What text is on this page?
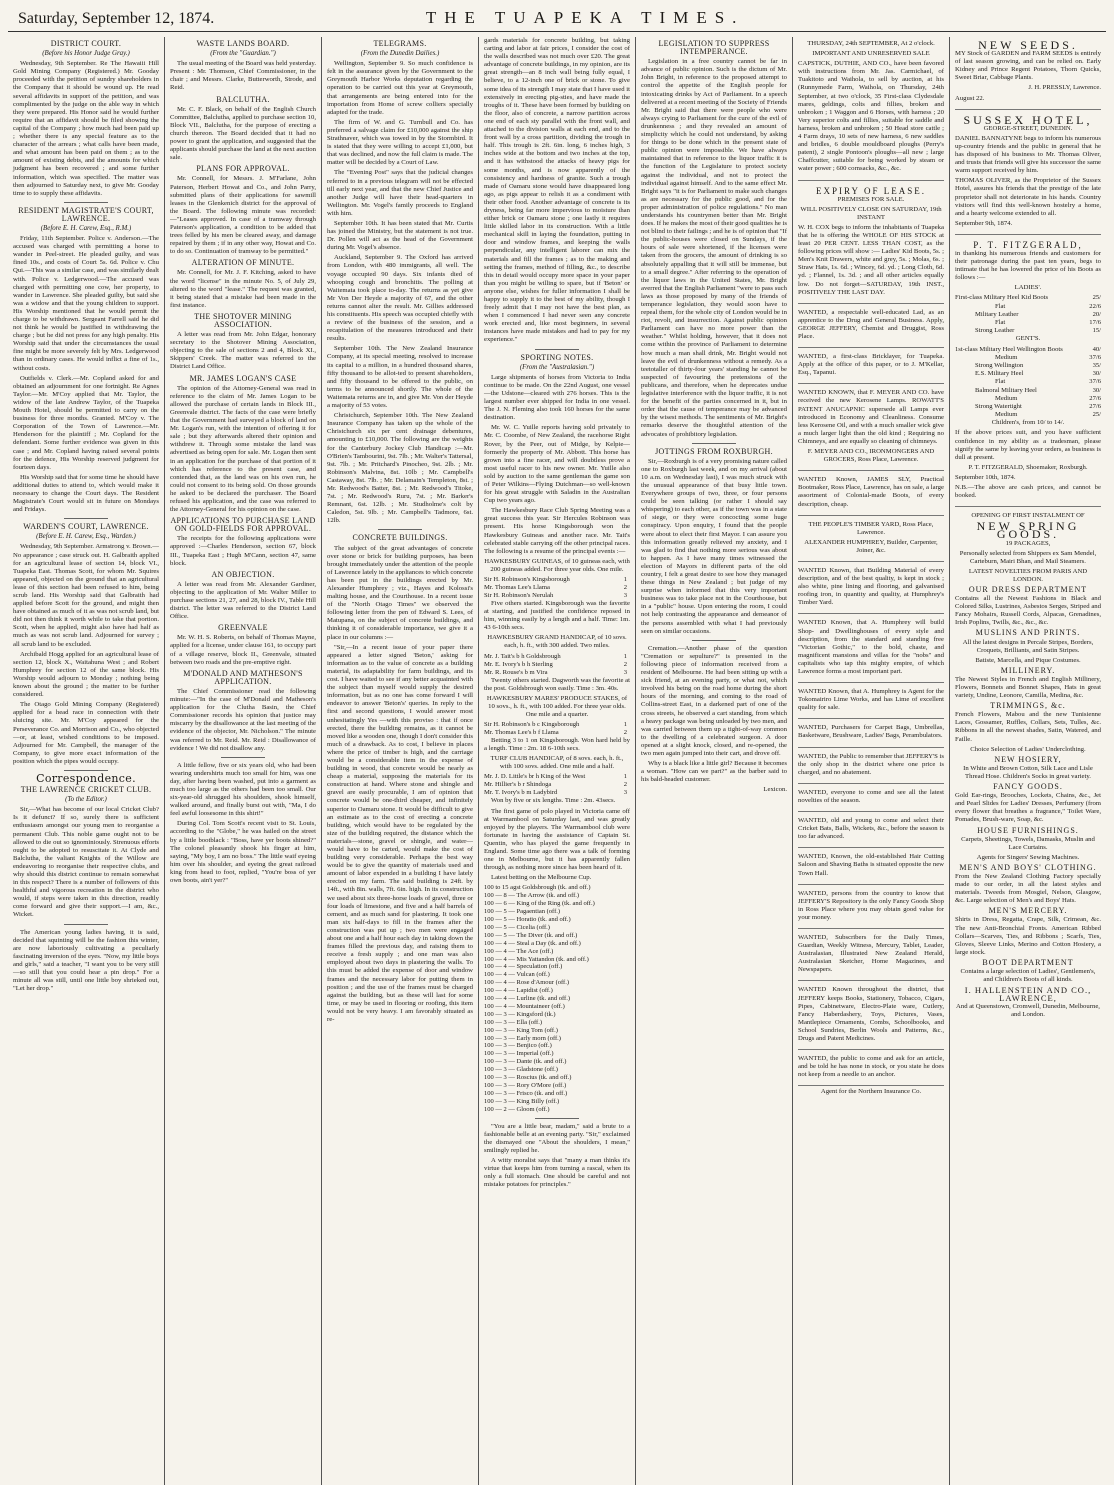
Saturday, September 12, 1874.	THE TUAPEKA TIMES.
DISTRICT COURT.
(Before his Honor Judge Gray.)

Wednesday, 9th September. Re The Hawaiii Hill Gold Mining Company (Registered.) Mr. Gooday proceeded with the petition of sundry shareholders in the Company that it should be wound up. He read several affidavits in support of the petition, and was complimented by the judge on the able way in which they were prepared. His Honor said he would further require that an affidavit should be filed showing the capital of the Company ; how much had been paid up ; whether there is any special feature as to the character of the arrears ; what calls have been made, and what amount has been paid on them ; as to the amount of existing debts, and the amounts for which judgment has been recovered ; and some further information, which was specified. The matter was then adjourned to Saturday next, to give Mr. Gooday time to to supply these affidavits.

RESIDENT MAGISTRATE'S COURT, LAWRENCE.
(Before E. H. Carew, Esq., R.M.)

Friday, 11th September. Police v. Anderson.—The accused was charged with permitting a horse to wander in Peel-street. He pleaded guilty, and was fined 10s., and costs of Court 5s. 6d. Police v. Chu Qui.—This was a similar case, and was similarly dealt with. Police v. Ledgerwood.—The accused was charged with permitting one cow, her property, to wander in Lawrence. She pleaded guilty, but said she was a widow and that the young children to support. His Worship mentioned that he would permit the charge to be withdrawn. Sergeant Farrell said he did not think he would be justified in withdrawing the charge ; but he did not press for any high penalty. His Worship said that under the circumstances the usual fine might be more severely felt by Mrs. Ledgerwood than in ordinary cases. He would inflict a fine of 1s., without costs.

Outfields v. Clerk.—Mr. Copland asked for and obtained an adjournment for one fortnight. Re Agnes Taylor.—Mr. M'Coy applied that Mr. Taylor, the widow of the late Andrew Taylor, of the Tuapeka Mouth Hotel, should be permitted to carry on the business for three months. Granted. M'Coy v. The Corporation of the Town of Lawrence.—Mr. Henderson for the plaintiff ; Mr. Copland for the defendant. Some further evidence was given in this case ; and Mr. Copland having raised several points for the defence, His Worship reserved judgment for fourteen days.

His Worship said that for some time he should have additional duties to attend to, which would make it necessary to change the Court days. The Resident Magistrate's Court would sit in future on Mondays and Fridays.

WARDEN'S COURT, LAWRENCE.
(Before E. H. Carew, Esq., Warden.)

Wednesday, 9th September. Armstrong v. Brown.—No appearance ; case struck out. H. Galbraith applied for an agricultural lease of section 14, block VI., Tuapeka East. Thomas Scott, for whom Mr. Squires appeared, objected on the ground that an agricultural lease of this section had been refused to him, being scrub land. His Worship said that Galbraith had applied before Scott for the ground, and might then have obtained as much of it as was not scrub land, but did not then think it worth while to take that portion. Scott, when he applied, might also have had half as much as was not scrub land. Adjourned for survey ; all scrub land to be excluded.

Archibald Hogg applied for an agricultural lease of section 12, block X., Waitahuna West ; and Robert Humphrey for section 12 of the same block. His Worship would adjourn to Monday ; nothing being known about the ground ; the matter to be further considered.

The Otago Gold Mining Company (Registered) applied for a head race in connection with their sluicing site. Mr. M'Coy appeared for the Perseverance Co. and Morrison and Co., who objected—or, at least, wished conditions to be imposed. Adjourned for Mr. Campbell, the manager of the Company, to give more exact information of the position which the pipes would occupy.

Correspondence.
THE LAWRENCE CRICKET CLUB.
(To the Editor.)

Sir,—What has become of our local Cricket Club? Is it defunct? If so, surely there is sufficient enthusiasm amongst our young men to reorganise a permanent Club. This noble game ought not to be allowed to die out so ignominiously. Strenuous efforts ought to be adopted to resuscitate it. At Clyde and Balclutha, the valiant Knights of the Willow are endeavoring to reorganise their respective clubs, and why should this district continue to remain somewhat in this respect? There is a number of followers of this healthful and vigorous recreation in the district who would, if steps were taken in this direction, readily come forward and give their support.—I am, &c., Wicket.

The American young ladies having, it is said, decided that squinting will be the fashion this winter, are now laboriously cultivating a peculiarly fascinating inversion of the eyes. "Now, my little boys and girls," said a teacher, "I want you to be very still—so still that you could hear a pin drop." For a minute all was still, until one little boy shrieked out, "Let her drop."

WASTE LANDS BOARD.
(From the "Guardian.")

The usual meeting of the Board was held yesterday. Present : Mr. Thomson, Chief Commissioner, in the chair ; and Messrs. Clarke, Butterworth, Strode, and Reid.

BALCLUTHA.

Mr. C. F. Black, on behalf of the English Church Committee, Balclutha, applied to purchase section 10, Block VII., Balclutha, for the purpose of erecting a church thereon. The Board decided that it had no power to grant the application, and suggested that the applicants should purchase the land at the next auction sale.

PLANS FOR APPROVAL.

Mr. Connell, for Messrs. J. M'Farlane, John Paterson, Herbert Howat and Co., and John Parry, submitted plans of their applications for sawmill leases in the Glenkenich district for the approval of the Board. The following minute was recorded:—"Leases approved. In case of a tramway through Paterson's application, a condition to be added that trees felled by his men be cleared away, and damage repaired by them ; if in any other way, Howat and Co. to do so. Continuation of tramway to be permitted."

ALTERATION OF MINUTE.

Mr. Connell, for Mr. J. F. Kitching, asked to have the word "license" in the minute No. 5, of July 29, altered to the word "lease." The request was granted, it being stated that a mistake had been made in the first instance.

THE SHOTOVER MINING ASSOCIATION.

A letter was read from Mr. John Edgar, honorary secretary to the Shotover Mining Association, objecting to the sale of sections 2 and 4, Block XI., Skippers' Creek. The matter was referred to the District Land Office.

MR. JAMES LOGAN'S CASE

The opinion of the Attorney-General was read in reference to the claim of Mr. James Logan to be allowed the purchase of certain lands in Block III., Greenvale district. The facts of the case were briefly that the Government had surveyed a block of land on Mr. Logan's run, with the intention of offering it for sale ; but they afterwards altered their opinion and withdrew it. Through some mistake the land was advertised as being open for sale. Mr. Logan then sent in an application for the purchase of that portion of it which has reference to the present case, and contended that, as the land was on his own run, he could not consent to its being sold. On those grounds he asked to be declared the purchaser. The Board refused his application, and the case was referred to the Attorney-General for his opinion on the case.

APPLICATIONS TO PURCHASE LAND ON GOLD-FIELDS FOR APPROVAL.

The receipts for the following applications were approved :—Charles Henderson, section 67, block III., Tuapeka East ; Hugh M'Cann, section 47, same block.

AN OBJECTION.

A letter was read from Mr. Alexander Gardiner, objecting to the application of Mr. Walter Miller to purchase sections 21, 27, and 28, block IV., Table Hill district. The letter was referred to the District Land Office.

GREENVALE

Mr. W. H. S. Roberts, on behalf of Thomas Mayne, applied for a license, under clause 161, to occupy part of a village reserve, block II., Greenvale, situated between two roads and the pre-emptive right.

M'DONALD AND MATHESON'S APPLICATION.

The Chief Commissioner read the following minute:—"In the case of M'Donald and Matheson's application for the Clutha Basin, the Chief Commissioner records his opinion that justice may miscarry by the disallowance at the last meeting of the evidence of the objector, Mr. Nicholson." The minute was referred to Mr. Reid. Mr. Reid : Disallowance of evidence ! We did not disallow any.

A little fellow, five or six years old, who had been wearing undershirts much too small for him, was one day, after having been washed, put into a garment as much too large as the others had been too small. Our six-year-old shrugged his shoulders, shook himself, walked around, and finally burst out with, "Ma, I do feel awful loosesome in this shirt!"

During Col. Tom Scott's recent visit to St. Louis, according to the "Globe," he was hailed on the street by a little bootblack : "Boss, have yer boots shined?" The colonel pleasantly shook his finger at him, saying, "My boy, I am no boss." The little waif eyeing him over his shoulder, and eyeing the great railroad king from head to foot, replied, "You're boss of yer own boots, ain't yer?"

TELEGRAMS.
(From the Dunedin Dailies.)

Wellington, September 9. So much confidence is felt in the assurance given by the Government to the Greymouth Harbor Works deputation regarding the operation to be carried out this year at Greymouth, that arrangements are being entered into for the importation from Home of screw colliers specially adapted for the trade.

The firm of W. and G. Turnbull and Co. has preferred a salvage claim for £10,000 against the ship Strathnaver, which was towed in by the Stormbird. It is stated that they were willing to accept £1,000, but that was declined, and now the full claim is made. The matter will be decided by a Court of Law.

The "Evening Post" says that the judicial changes referred to in a previous telegram will not be effected till early next year, and that the new Chief Justice and another Judge will have their head-quarters in Wellington. Mr. Vogel's family proceeds to England with him.

September 10th. It has been stated that Mr. Curtis has joined the Ministry, but the statement is not true. Dr. Pollen will act as the head of the Government during Mr. Vogel's absence.

Auckland, September 9. The Oxford has arrived from London, with 480 immigrants, all well. The voyage occupied 90 days. Six infants died of whooping cough and bronchitis. The polling at Waitemata took place to-day. The returns as yet give Mr Von Der Heyde a majority of 67, and the other returns cannot alter the result. Mr. Gillies addressed his constituents. His speech was occupied chiefly with a review of the business of the session, and a recapitulation of the measures introduced and their results.

September 10th. The New Zealand Insurance Company, at its special meeting, resolved to increase its capital to a million, in a hundred thousand shares, fifty thousand to be allot-ted to present shareholders, and fifty thousand to be offered to the public, on terms to be announced shortly. The whole of the Waitemata returns are in, and give Mr. Von der Heyde a majority of 53 votes.

Christchurch, September 10th. The New Zealand Insurance Company has taken up the whole of the Christchurch six per cent drainage debentures, amounting to £10,000. The following are the weights for the Canterbury Jockey Club Handicap :—Mr. O'Brien's Tambourini, 9st. 7lb. ; Mr. Walter's Tattersal, 9st. 7lb. ; Mr. Pritchard's Pinocheo, 9st. 2lb. ; Mr. Robinson's Malvina, 8st. 10lb ; Mr. Campbell's Castaway, 8st. 7lb. ; Mr. Delamain's Templeton, 8st. ; Mr. Redwood's Batter, 8st. ; Mr. Redwood's Titoke, 7st. ; Mr. Redwood's Ruru, 7st. ; Mr. Barker's Remnant, 6st. 12lb. ; Mr. Studholme's colt by Caledon, 5st. 9lb. ; Mr. Campbell's Tadmore, 6st. 12lb.

CONCRETE BUILDINGS.

The subject of the great advantages of concrete over stone or brick for building purposes, has been brought immediately under the attention of the people of Lawrence lately in the appliances to which concrete has been put in the buildings erected by Mr. Alexander Humphrey ; viz., Hayes and Kolossi's malting house, and the Courthouse. In a recent issue of the "North Otago Times" we observed the following letter from the pen of Edward S. Lees, of Matupana, on the subject of concrete buildings, and thinking it of considerable importance, we give it a place in our columns :—

"Sir,—In a recent issue of your paper there appeared a letter signed 'Beton,' asking for information as to the value of concrete as a building material, its adaptability for farm buildings, and its cost. I have waited to see if any better acquainted with the subject than myself would supply the desired information, but as no one has come forward I will endeavor to answer 'Beton's' queries. In reply to the first and second questions, I would answer most unhesitatingly Yes —with this proviso : that if once erected, there the building remains, as it cannot be moved like a wooden one, though I don't consider this much of a drawback. As to cost, I believe in places where the price of timber is high, and the carriage would be a considerable item in the expense of building in wood, that concrete would be nearly as cheap a material, supposing the materials for its construction at hand. Where stone and shingle and gravel are easily procurable, I am of opinion that concrete would be one-third cheaper, and infinitely superior to Oamaru stone. It would be difficult to give an estimate as to the cost of erecting a concrete building, which would have to be regulated by the size of the building required, the distance which the materials—stone, gravel or shingle, and water—would have to be carted, would make the cost of building very considerable. Perhaps the best way would be to give the quantity of materials used and amount of labor expended in a building I have lately erected on my farm. The said building is 24ft. by 14ft., with 8in. walls, 7ft. 6in. high. In its construction we used about six three-horse loads of gravel, three or four loads of limestone, and five and a half barrels of cement, and as much sand for plastering. It took one man six half-days to fill in the frames after the construction was put up ; two men were engaged about one and a half hour each day in taking down the frames filled the previous day, and raising them to receive a fresh supply ; and one man was also employed about two days in plastering the walls. To this must be added the expense of door and window frames and the necessary labor for putting them in position ; and the use of the frames must be charged against the building, but as these will last for some time, or may be used in flooring or roofing, this item would not be very heavy. I am favorably situated as re-

gards materials for concrete building, but taking carting and labor at fair prices, I consider the cost of the walls described was not much over £20. The great advantage of concrete buildings, in my opinion, are its great strength—an 8 inch wall being fully equal, I believe, to a 12-inch one of brick or stone. To give some idea of its strength I may state that I have used it extensively in erecting pig-sties, and have made the troughs of it. These have been formed by building on the floor, also of concrete, a narrow partition across one end of each sty parallel with the front wall, and attached to the division walls at each end, and to the front wall by a cross partition, dividing the trough in half. This trough is 2ft. 6in. long, 6 inches high, 3 inches wide at the bottom and two inches at the top, and it has withstood the attacks of heavy pigs for some months, and is now apparently of the consistency and hardness of granite. Such a trough made of Oamaru stone would have disappeared long ago, as pigs appear to relish it as a condiment with their other food. Another advantage of concrete is its dryness, being far more impervious to moisture than either brick or Oamaru stone ; one lastly it requires little skilled labor in its construction. With a little mechanical skill in laying the foundation, putting in door and window frames, and keeping the walls perpendicular, any intelligent laborer can mix the materials and fill the frames ; as to the making and setting the frames, method of filling, &c., to describe this in detail would occupy more space in your paper than you might be willing to spare, but if 'Beton' or anyone else, wishes for fuller information I shall be happy to supply it to the best of my ability, though I freely admit that I may not have the best plan, as when I commenced I had never seen any concrete work erected and, like most beginners, in several instances have made mistakes and had to pay for my experience."

SPORTING NOTES.
(From the "Australasian.")

Large shipments of horses from Victoria to India continue to be made. On the 22nd August, one vessel—the Udstone—cleared with 276 horses. This is the largest number ever shipped for India in one vessel. The J. N. Fleming also took 160 horses for the same destination.

Mr. W. C. Yuille reports having sold privately to Mr. C. Coombe, of New Zealand, the racehorse Right Rover, by the Peer, out of Midge, by Kelpie—formerly the property of Mr. Abbott. This horse has grown into a fine racer, and will doubtless prove a most useful racer to his new owner. Mr. Yuille also sold by auction to the same gentleman the game son of Peter Wilkins—Flying Dutchman—so well-known for his great struggle with Saladin in the Australian Cup two years ago.

The Hawkesbury Race Club Spring Meeting was a great success this year. Sir Hercules Robinson was present. His horse Kingsborough won the Hawkesbury Guineas and another race. Mr. Tait's celebrated stable carrying off the other principal races. The following is a resume of the principal events :—

HAWKESBURY GUINEAS, of 10 guineas each, with 200 guineas added. For three year olds. One mile.

Sir H. Robinson's Kingsborough	1
Mr. Thomas Lee's Llama	2
Sir H. Robinson's Nerulah	3

Five others started. Kingsborough was the favorite at starting, and justified the confidence reposed in him, winning easily by a length and a half. Time: 1m. 43 6-10th secs.

HAWKESBURY GRAND HANDICAP, of 10 sovs. each, h. ft., with 300 added. Two miles.

Mr. J. Tait's b h Goldsbrough	1
Mr. E. Ivory's b h Sterling	2
Mr. R. Rouse's b m Vira	3

Twenty others started. Dagworth was the favorite at the post. Goldsbrough won easily. Time : 3m. 40s.

HAWKESBURY MARES' PRODUCE STAKES, of 10 sovs., h. ft., with 100 added. For three year olds. One mile and a quarter.

Sir H. Robinson's b c Kingsborough	1
Mr. Thomas Lee's b f Llama	2

Betting 3 to 1 on Kingsborough. Won hard held by a length. Time : 2m. 18 6-10th secs.

TURF CLUB HANDICAP, of 8 sovs. each, h. ft., with 100 sovs. added. One mile and a half.

Mr. J. D. Little's br h King of the West	1
Mr. Hillier's b r Shindoga	2
Mr. T. Ivory's b m Ladybird	3

Won by five or six lengths. Time : 2m. 43secs.

The first game of polo played in Victoria came off at Warrnambool on Saturday last, and was greatly enjoyed by the players. The Warrnambool club were fortunate in having the assistance of Captain St. Quentin, who has played the game frequently in England. Some time ago there was a talk of forming one in Melbourne, but it has apparently fallen through, as nothing more since has been heard of it.

Latest betting on the Melbourne Cup.

100 to 15 agst Goldsbrough (tk. and off.)
100 — 8 — The Arrow (tk. and off.)
100 — 6 — King of the Ring (tk. and off.)
100 — 5 — Pagaentian (off.)
100 — 5 — Horatio (tk. and off.)
100 — 5 — Cicelia (off.)
100 — 5 — The Diver (tk. and off.)
100 — 4 — Steal a Day (tk. and off.)
100 — 4 — The Ace (off.)
100 — 4 — Mis Yattandon (tk. and off.)
100 — 4 — Speculation (off.)
100 — 4 — Vulcan (off.)
100 — 4 — Rose d'Amour (off.)
100 — 4 — Lapidist (off.)
100 — 4 — Lurline (tk. and off.)
100 — 4 — Mountaineer (off.)
100 — 3 — Kingsford (tk.)
100 — 3 — Ella (off.)
100 — 3 — King Tom (off.)
100 — 3 — Early morn (off.)
100 — 3 — Benjico (off.)
100 — 3 — Imperial (off.)
100 — 3 — Dante (tk. and off.)
100 — 3 — Gladstone (off.)
100 — 3 — Roscius (tk. and off.)
100 — 3 — Rory O'More (off.)
100 — 3 — Frisco (tk. and off.)
100 — 3 — King Billy (off.)
100 — 2 — Gloom (off.)

"You are a little bear, madam," said a brute to a fashionable belle at an evening party. "Sir," exclaimed the dismayed one "About the shoulders, I mean," smilingly replied he.

A witty moralist says that "many a man thinks it's virtue that keeps him from turning a rascal, when its only a full stomach. One should be careful and not mistake potatoes for principles."

LEGISLATION TO SUPPRESS INTEMPERANCE.

Legislation in a free country cannot be far in advance of public opinion. Such is the dictum of Mr. John Bright, in reference to the proposed attempt to control the appetite of the English people for intoxicating drinks by Act of Parliament. In a speech delivered at a recent meeting of the Society of Friends Mr. Bright said that there were people who were always crying to Parliament for the cure of the evil of drunkenness ; and they revealed an amount of simplicity which he could not understand, by asking for things to be done which in the present state of public opinion were impossible. We have always maintained that in reference to the liquor traffic it is the function of the Legislature to protect society against the individual, and not to protect the individual against himself. And to the same effect Mr. Bright says "it is for Parliament to make such changes as are necessary for the public good, and for the proper administration of police regulations." No man understands his countrymen better than Mr. Bright does. If he makes the most of their good qualities he is not blind to their failings ; and he is of opinion that "If the public-houses were closed on Sundays, if the hours of sale were shortened, if the licenses were taken from the grocers, the amount of drinking is so absolutely appalling that it will still be immense, but to a small degree." After referring to the operation of the liquor laws in the United States, Mr. Bright averred that the English Parliament "were to pass such laws as those proposed by many of the friends of temperance legislation, they would soon have to repeal them, for the whole city of London would be in riot, revolt, and insurrection. Against public opinion Parliament can have no more power than the weather." Whilst holding, however, that it does not come within the province of Parliament to determine how much a man shall drink, Mr. Bright would not leave the evil of drunkenness without a remedy. As a teetotaller of thirty-four years' standing he cannot be suspected of favouring the pretensions of the publicans, and therefore, when he deprecates undue legislative interference with the liquor traffic, it is not for the benefit of the parties concerned in it, but in order that the cause of temperance may be advanced by the wisest methods. The sentiments of Mr. Bright's remarks deserve the thoughtful attention of the advocates of prohibitory legislation.

JOTTINGS FROM ROXBURGH.

Sir,—Roxburgh is of a very promising nature called one to Roxburgh last week, and on my arrival (about 10 a.m. on Wednesday last), I was much struck with the unusual appearance of that busy little town. Everywhere groups of two, three, or four persons could be seen talking (or rather I should say whispering) to each other, as if the town was in a state of siege, or they were concocting some huge conspiracy. Upon enquiry, I found that the people were about to elect their first Mayor. I can assure you this information greatly relieved my anxiety, and I was glad to find that nothing more serious was about to happen. As I have many times witnessed the election of Mayors in different parts of the old country, I felt a great desire to see how they managed these things in New Zealand ; but judge of my surprise when informed that this very important business was to take place not in the Courthouse, but in a "public" house. Upon entering the room, I could not help contrasting the appearance and demeanor of the persons assembled with what I had previously seen on similar occasions.

Cremation.—Another phase of the question "Cremation or sepulture?" is presented in the following piece of information received from a resident of Melbourne. He had been sitting up with a sick friend, at an evening party, or what not, which involved his being on the road home during the short hours of the morning, and coming to the road of Collins-street East, in a darkened part of one of the cross streets, he observed a cart standing, from which a heavy package was being unloaded by two men, and was carried between them up a tight-of-way common to the dwelling of a celebrated surgeon. A door opened at a slight knock, closed, and re-opened, the two men again jumped into their cart, and drove off.

Why is a black like a little girl? Because it becomes a woman. "How can we part?" as the barber said to his bald-headed customer.

Lexicon.

THURSDAY, 24th SEPTEMBER, At 2 o'clock.

IMPORTANT AND UNRESERVED SALE

CAPSTICK, DUTHIE, AND CO., have been favored with instructions from Mr. Jas. Carmichael, of Tuakitoto and Waihola, to sell by auction, at his (Runnymede Farm, Waihola, on Thursday, 24th September, at two o'clock, 35 First-class Clydesdale mares, geldings, colts and fillies, broken and unbroken ; 1 Waggon and 6 Horses, with harness ; 20 Very superior colts and fillies, suitable for saddle and harness, broken and unbroken ; 50 Head store cattle ; 4 Farm drays, 10 sets of new harness, 6 new saddles and bridles, 6 double mouldboard ploughs (Perry's patent), 2 single Pontoon's ploughs—all new ; large Chaffcutter, suitable for being worked by steam or water power ; 600 cornsacks, &c., &c.

EXPIRY OF LEASE.

PREMISES FOR SALE.

WILL POSITIVELY CLOSE ON SATURDAY, 19th INSTANT

W. H. COX begs to inform the inhabitants of Tuapeka that he is offering the WHOLE OF HIS STOCK at least 20 PER CENT. LESS THAN COST, as the following prices will show :— Ladies' Kid Boots, 5s. ; Men's Knit Drawers, white and grey, 5s. ; Molas, 6s. ; Straw Hats, 1s. 6d. ; Wincey, 6d. yd. ; Long Cloth, 6d. yd. ; Flannel, 1s. 3d. ; and all other articles equally low. Do not forget—SATURDAY, 19th INST., POSITIVELY THE LAST DAY.

WANTED, a respectable well-educated Lad, as an apprentice to the Drug and General Business. Apply, GEORGE JEFFERY, Chemist and Druggist, Ross Place.

WANTED, a first-class Bricklayer, for Tuapeka. Apply at the office of this paper, or to J. M'Kellar, Esq., Tapanui.

WANTED KNOWN, that F. MEYER AND CO. have received the new Kerosene Lamps. ROWATT'S PATENT ANUCAPNIC supersede all Lamps ever introduced in Economy and Cleanliness. Consume less Kerosene Oil, and with a much smaller wick give a much larger light than the old kind ; Requiring no Chimneys, and are equally so cleaning of chimneys.

F. MEYER AND CO., IRONMONGERS AND GROCERS, Ross Place, Lawrence.

WANTED Known, JAMES SLY, Practical Bootmaker, Ross Place, Lawrence, has on sale, a large assortment of Colonial-made Boots, of every description, cheap.

THE PEOPLE'S TIMBER YARD, Ross Place, Lawrence.

ALEXANDER HUMPHREY, Builder, Carpenter, Joiner, &c.

WANTED Known, that Building Material of every description, and of the best quality, is kept in stock ; also white, pine lining and flooring, and galvanised roofing iron, in quantity and quality, at Humphrey's Timber Yard.

WANTED Known, that A. Humphrey will build Shop- and Dwellinghouses of every style and description, from the standard and standing free "Victorian Gothic," to the bold, chaste, and magnificent mansions and villas for the "nobs" and capitalists who tap this mighty empire, of which Lawrence forms a most important part.

WANTED Known, that A. Humphrey is Agent for the Tokomairiro Lime Works, and has Lime of excellent quality for sale.

WANTED, Purchasers for Carpet Bags, Umbrellas, Basketware, Brushware, Ladies' Bags, Perambulators.

WANTED, the Public to remember that JEFFERY'S is the only shop in the district where one price is charged, and no abatement.

WANTED, everyone to come and see all the latest novelties of the season.

WANTED, old and young to come and select their Cricket Bats, Balls, Wickets, &c., before the season is too far advanced.

WANTED, Known, the old-established Hair Cutting Saloon and Shaving Baths is situated opposite the new Town Hall.

WANTED, persons from the country to know that JEFFERY'S Repository is the only Fancy Goods Shop in Ross Place where you may obtain good value for your money.

WANTED, Subscribers for the Daily Times, Guardian, Weekly Witness, Mercury, Tablet, Leader, Australasian, Illustrated New Zealand Herald, Australasian Sketcher, Home Magazines, and Newspapers.

WANTED Known throughout the district, that JEFFERY keeps Books, Stationery, Tobacco, Cigars, Pipes, Cabinetware, Electro-Plate ware, Cutlery, Fancy Haberdashery, Toys, Pictures, Vases, Mantlepiece Ornaments, Combs, Schoolbooks, and School Sundries, Berlin Wools and Patterns, &c., Drugs and Patent Medicines.

WANTED, the public to come and ask for an article, and be told he has none in stock, or you state he does not keep from a needle to an anchor.

Agent for the Northern Insurance Co.

NEW SEEDS.

MY Stock of GARDEN and FARM SEEDS is entirely of last season growing, and can be relied on. Early Kidney and Prince Regent Potatoes, Thorn Quicks, Sweet Briar, Cabbage Plants.

J. H. PRESSLY, Lawrence.

August 22.

SUSSEX HOTEL,

GEORGE-STREET, DUNEDIN.

DANIEL BANNATYNE begs to inform his numerous up-country friends and the public in general that he has disposed of his business to Mr. Thomas Oliver, and trusts that friends will give his successor the same warm support received by him.

THOMAS OLIVER, as the Proprietor of the Sussex Hotel, assures his friends that the prestige of the late proprietor shall not deteriorate in his hands. Country visitors will find this well-known hostelry a home, and a hearty welcome extended to all.

September 9th, 1874.

P. T. FITZGERALD,

in thanking his numerous friends and customers for their patronage during the past ten years, begs to intimate that he has lowered the price of his Boots as follows :—

LADIES'.

First-class Military Heel Kid Boots	25/
Flat	22/6
Military Leather	20/
Flat	17/6
Strong Leather	15/

GENT'S.

1st-class Military Heel Wellington Boots	40/
Medium	37/6
Strong Wellington	35/
E.S. Military Heel	30/
Flat	37/6
Balmoral Military Heel	30/
Medium	27/6
Strong Watertight	27/6
Medium	25/

Children's, from 10/ to 14/.

If the above prices suit, and you have sufficient confidence in my ability as a tradesman, please signify the same by leaving your orders, as business is dull at present.

P. T. FITZGERALD, Shoemaker, Roxburgh.

September 10th, 1874.

N.B.—The above are cash prices, and cannot be booked.

OPENING OF FIRST INSTALMENT OF

NEW SPRING GOODS.

19 PACKAGES,

Personally selected from Shippers ex Sam Mendel, Carteburn, Mairi Bhan, and Mail Steamers.

LATEST NOVELTIES FROM PARIS AND LONDON.

OUR DRESS DEPARTMENT

Contains all the Newest Fashions in Black and Colored Silks, Lustrines, Asbestos Serges, Striped and Fancy Mohairs, Russell Cords, Alpacas, Grenadines, Irish Poplins, Twills, &c., &c., &c.

MUSLINS AND PRINTS.

All the latest designs in Percale Stripes, Borders, Croquets, Brilliants, and Satin Stripes.

Batiste, Marcella, and Pique Costumes.

MILLINERY.

The Newest Styles in French and English Millinery, Flowers, Bonnets and Bonnet Shapes, Hats in great variety, Undine, Leonore, Camilla, Medina, &c.

TRIMMINGS, &c.

French Flowers, Mabou and the new Tunisienne Laces, Gossamer, Ruffles, Collars, Sets, Tulles, &c. Ribbons in all the newest shades, Satin, Watered, and Faille.

Choice Selection of Ladies' Underclothing.

NEW HOSIERY,

In White and Brown Cotton, Silk Lace and Lisle Thread Hose. Children's Socks in great variety.

FANCY GOODS.

Gold Ear-rings, Brooches, Lockets, Chains, &c., Jet and Pearl Slides for Ladies' Dresses, Perfumery (from every flower that breathes a fragrance," Toilet Ware, Pomades, Brush-ware, Soap, &c.

HOUSE FURNISHINGS.

Carpets, Sheetings, Towels, Damasks, Muslin and Lace Curtains.

Agents for Singers' Sewing Machines.

MEN'S AND BOYS' CLOTHING.

From the New Zealand Clothing Factory specially made to our order, in all the latest styles and materials. Tweeds from Mosgiel, Nelson, Glasgow, &c. Large selection of Men's and Boys' Hats.

MEN'S MERCERY.

Shirts in Dress, Regatta, Crape, Silk, Crimean, &c. The new Anti-Bronchial Fronts. American Ribbed Collars—Scarves, Ties, and Ribbons ; Scarfs, Ties, Gloves, Sleeve Links, Merino and Cotton Hosiery, a large stock.

BOOT DEPARTMENT

Contains a large selection of Ladies', Gentlemen's, and Children's Boots of all kinds.

I. HALLENSTEIN AND CO., LAWRENCE,

And at Queenstown, Cromwell, Dunedin, Melbourne, and London.
